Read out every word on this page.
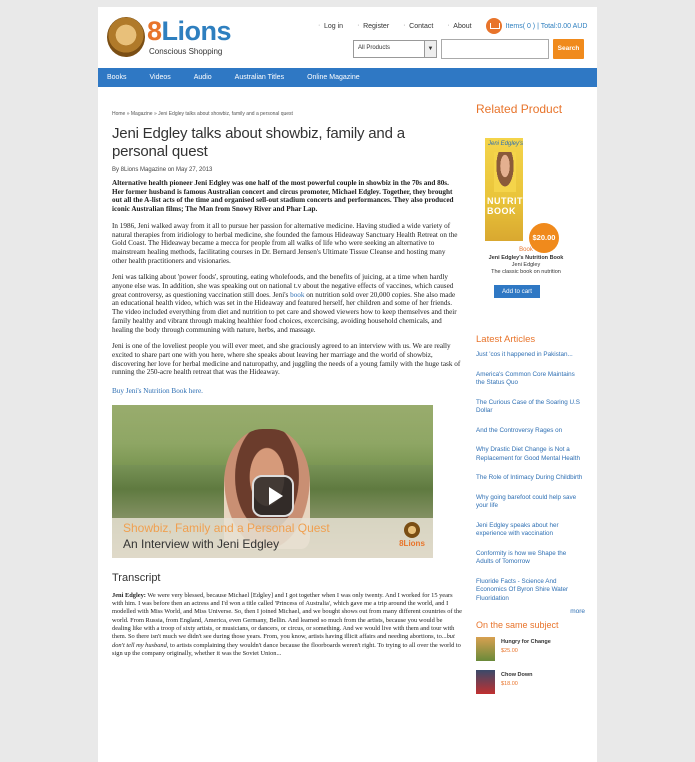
8Lions
Conscious Shopping
· Log in	· Register	· Contact	· About	Items( 0 ) | Total:0.00 AUD
All Products	▼	Search
Books	Videos	Audio	Australian Titles	Online Magazine
Home » Magazine » Jeni Edgley talks about showbiz, family and a personal quest
Jeni Edgley talks about showbiz, family and a personal quest
By 8Lions Magazine on May 27, 2013

Alternative health pioneer Jeni Edgley was one half of the most powerful couple in showbiz in the 70s and 80s. Her former husband is famous Australian concert and circus promoter, Michael Edgley. Together, they brought out all the A-list acts of the time and organised sell-out stadium concerts and performances. They also produced iconic Australian films; The Man from Snowy River and Phar Lap.

In 1986, Jeni walked away from it all to pursue her passion for alternative medicine. Having studied a wide variety of natural therapies from iridiology to herbal medicine, she founded the famous Hideaway Sanctuary Health Retreat on the Gold Coast. The Hideaway became a mecca for people from all walks of life who were seeking an alternative to mainstream healing methods, facilitating courses in Dr. Bernard Jensen's Ultimate Tissue Cleanse and hosting many other health practitioners and visionaries.

Jeni was talking about 'power foods', sprouting, eating wholefoods, and the benefits of juicing, at a time when hardly anyone else was. In addition, she was speaking out on national t.v about the negative effects of vaccines, which caused great controversy, as questioning vaccination still does. Jeni's book on nutrition sold over 20,000 copies. She also made an educational health video, which was set in the Hideaway and featured herself, her children and some of her friends. The video included everything from diet and nutrition to pet care and showed viewers how to keep themselves and their family healthy and vibrant through making healthier food choices, excercising, avoiding household chemicals, and healing the body through communing with nature, herbs, and massage.

Jeni is one of the loveliest people you will ever meet, and she graciously agreed to an interview with us. We are really excited to share part one with you here, where she speaks about leaving her marriage and the world of showbiz, discovering her love for herbal medicine and naturopathy, and juggling the needs of a young family with the huge task of running the 250-acre health retreat that was the Hideaway.

Buy Jeni's Nutrition Book here.

Showbiz, Family and a Personal Quest
An Interview with Jeni Edgley	8Lions
Transcript

Jeni Edgley: We were very blessed, because Michael [Edgley] and I got together when I was only twenty. And I worked for 15 years with him. I was before then an actress and I'd won a title called 'Princess of Australia', which gave me a trip around the world, and I modelled with Miss World, and Miss Universe. So, then I joined Michael, and we bought shows out from many different countries of the world. From Russia, from England, America, even Germany, Bellin. And learned so much from the artists, because you would be dealing like with a troop of sixty artists, or musicians, or dancers, or circus, or something. And we would live with them and tour with them. So there isn't much we didn't see during those years. From, you know, artists having illicit affairs and needing abortions, to...but don't tell my husband, to artists complaining they wouldn't dance because the floorboards weren't right. To trying to all over the world to sign up the company originally, whether it was the Soviet Union...

Related Product
Jeni Edgley's
NUTRITION BOOK
$20.00
Book
Jeni Edgley's Nutrition Book
Jeni Edgley
The classic book on nutrition
Add to cart
Latest Articles
Just 'cos it happened in Pakistan...
America's Common Core Maintains the Status Quo
The Curious Case of the Soaring U.S Dollar
And the Controversy Rages on
Why Drastic Diet Change is Not a Replacement for Good Mental Health
The Role of Intimacy During Childbirth
Why going barefoot could help save your life
Jeni Edgley speaks about her experience with vaccination
Conformity is how we Shape the Adults of Tomorrow
Fluoride Facts - Science And Economics Of Byron Shire Water Fluoridation
more
On the same subject
Hungry for Change
$25.00
Chow Down
$18.00
